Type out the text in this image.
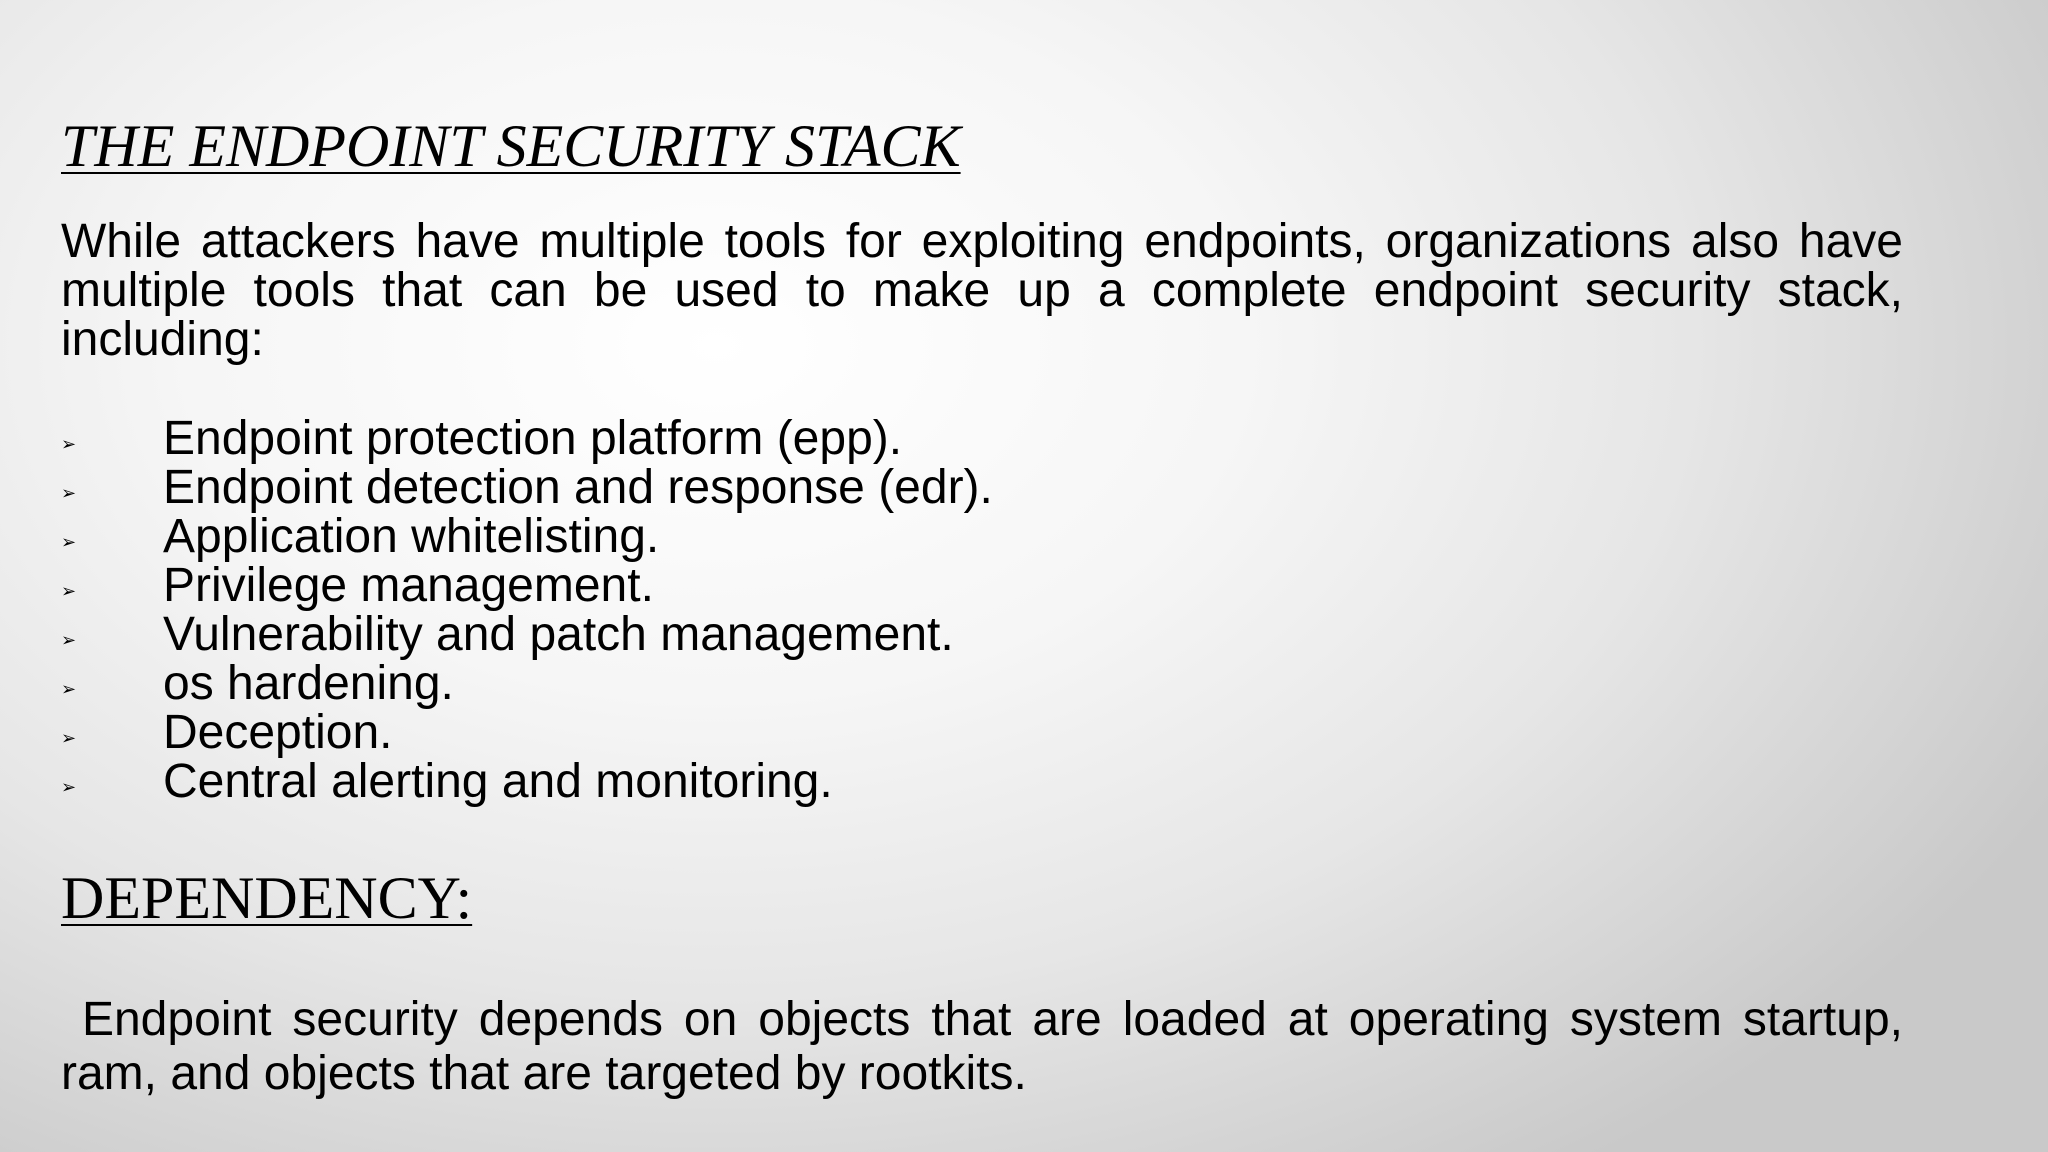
THE ENDPOINT SECURITY STACK

While attackers have multiple tools for exploiting endpoints, organizations also have multiple tools that can be used to make up a complete endpoint security stack, including:

➢	Endpoint protection platform (epp).
➢	Endpoint detection and response (edr).
➢	Application whitelisting.
➢	Privilege management.
➢	Vulnerability and patch management.
➢	os hardening.
➢	Deception.
➢	Central alerting and monitoring.
DEPENDENCY:

Endpoint security depends on objects that are loaded at operating system startup, ram, and objects that are targeted by rootkits.
